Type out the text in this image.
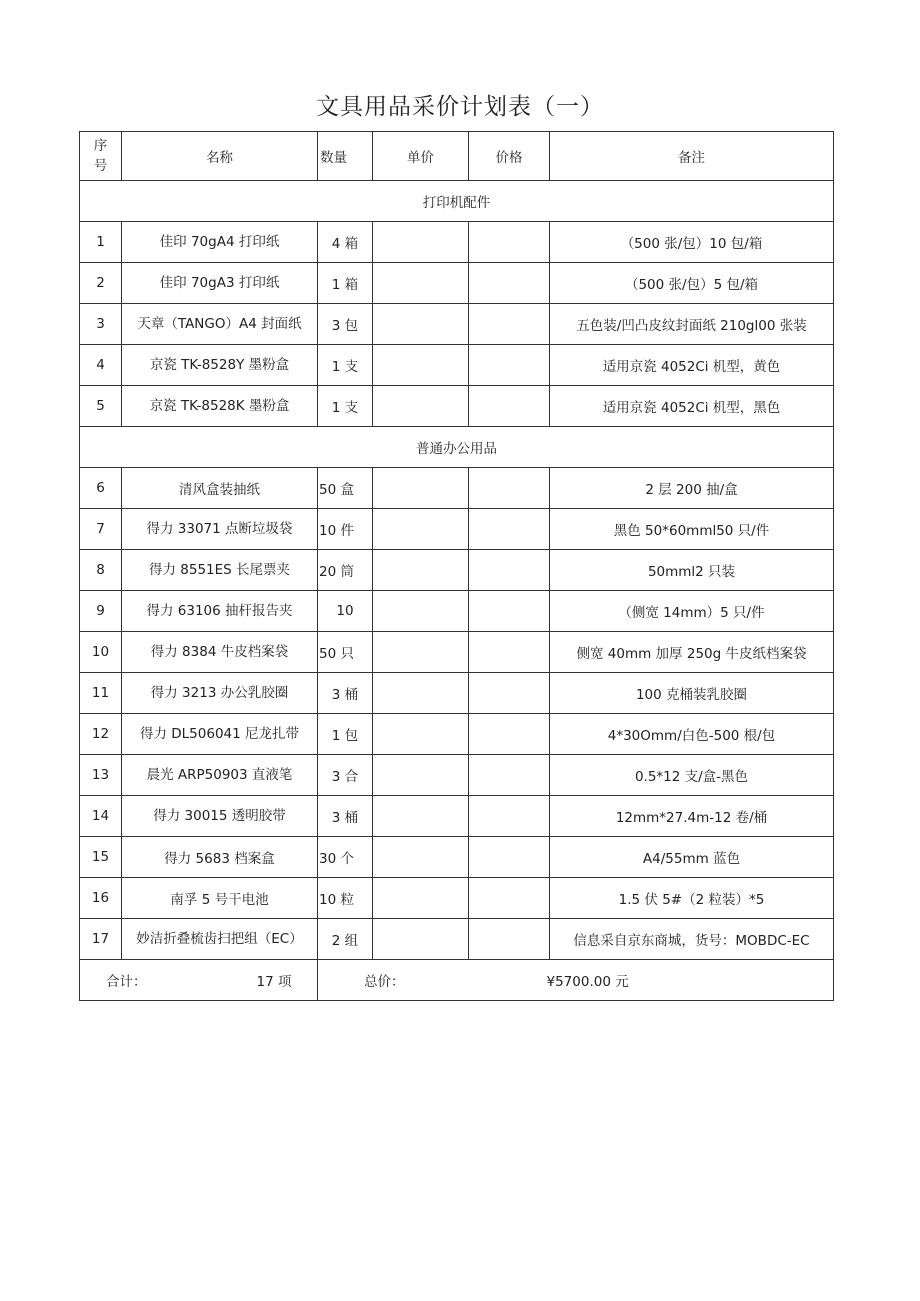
文具用品采价计划表（一）
序
号	名称	数量	单价	价格	备注
打印机配件					
1	佳印 70gA4 打印纸	4 箱			（500 张/包）10 包/箱
2	佳印 70gA3 打印纸	1 箱			（500 张/包）5 包/箱
3	天章（TANGO）A4 封面纸	3 包			五色装/凹凸皮纹封面纸 210gl00 张装
4	京瓷 TK-8528Y 墨粉盒	1 支			适用京瓷 4052Ci 机型，黄色
5	京瓷 TK-8528K 墨粉盒	1 支			适用京瓷 4052Ci 机型，黑色
普通办公用品					
6	清风盒装抽纸	50 盒			2 层 200 抽/盒
7	得力 33071 点断垃圾袋	10 件			黑色 50*60mml50 只/件
8	得力 8551ES 长尾票夹	20 筒			50mml2 只装
9	得力 63106 抽杆报告夹	10			（侧宽 14mm）5 只/件
10	得力 8384 牛皮档案袋	50 只			侧宽 40mm 加厚 250g 牛皮纸档案袋
11	得力 3213 办公乳胶圈	3 桶			100 克桶装乳胶圈
12	得力 DL506041 尼龙扎带	1 包			4*30Omm/白色-500 根/包
13	晨光 ARP50903 直液笔	3 合			0.5*12 支/盒-黑色
14	得力 30015 透明胶带	3 桶			12mm*27.4m-12 卷/桶
15	得力 5683 档案盒	30 个			A4∕55mm 蓝色
16	南孚 5 号干电池	10 粒			1.5 伏 5#（2 粒装）*5
17	妙洁折叠梳齿扫把组（EC）	2 组			信息采自京东商城，货号：MOBDC-EC
合计： 17 项		总价： ¥5700.00 元			
